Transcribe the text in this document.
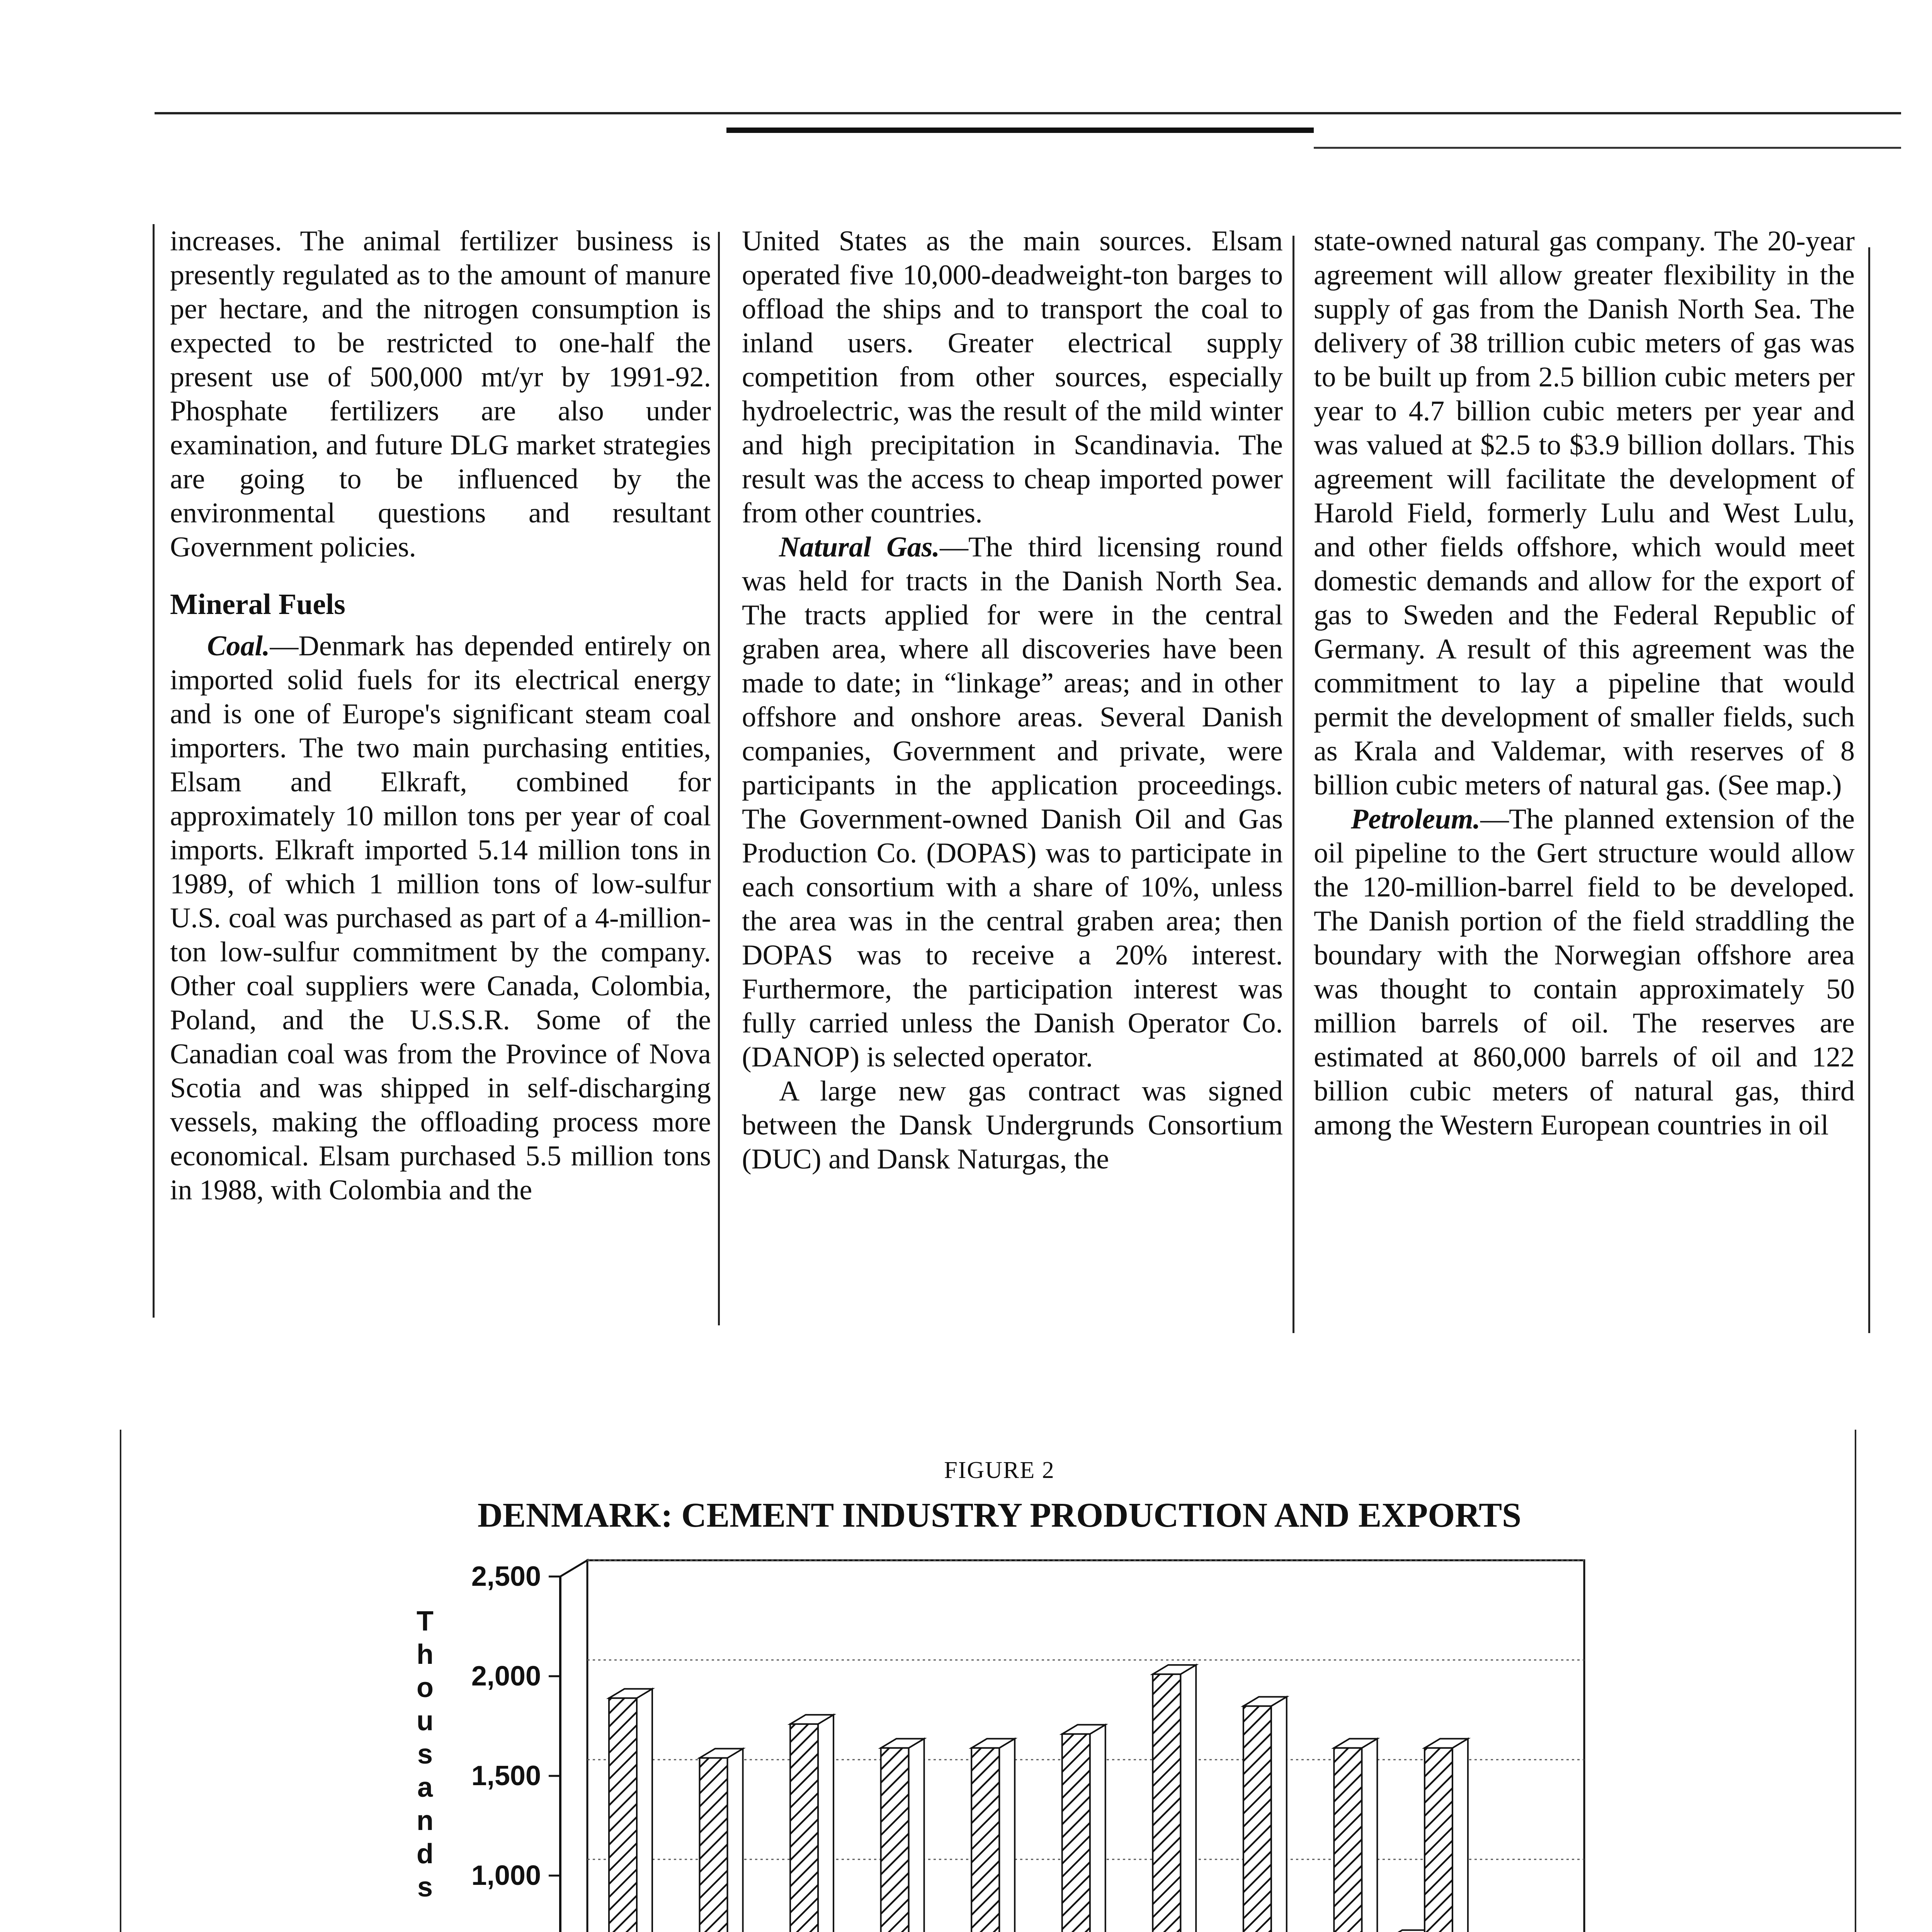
increases. The animal fertilizer business is presently regulated as to the amount of manure per hectare, and the nitrogen consumption is expected to be restricted to one-half the present use of 500,000 mt/yr by 1991-92. Phosphate fertilizers are also under examination, and future DLG market strategies are going to be influenced by the environmental questions and resultant Government policies.

Mineral Fuels

Coal.—Denmark has depended entirely on imported solid fuels for its electrical energy and is one of Europe's significant steam coal importers. The two main purchasing entities, Elsam and Elkraft, combined for approximately 10 millon tons per year of coal imports. Elkraft imported 5.14 million tons in 1989, of which 1 million tons of low-sulfur U.S. coal was purchased as part of a 4-million-ton low-sulfur commitment by the company. Other coal suppliers were Canada, Colombia, Poland, and the U.S.S.R. Some of the Canadian coal was from the Province of Nova Scotia and was shipped in self-discharging vessels, making the offloading process more economical. Elsam purchased 5.5 million tons in 1988, with Colombia and the

United States as the main sources. Elsam operated five 10,000-deadweight-ton barges to offload the ships and to transport the coal to inland users. Greater electrical supply competition from other sources, especially hydroelectric, was the result of the mild winter and high precipitation in Scandinavia. The result was the access to cheap imported power from other countries.

Natural Gas.—The third licensing round was held for tracts in the Danish North Sea. The tracts applied for were in the central graben area, where all discoveries have been made to date; in “linkage” areas; and in other offshore and onshore areas. Several Danish companies, Government and private, were participants in the application proceedings. The Government-owned Danish Oil and Gas Production Co. (DOPAS) was to participate in each consortium with a share of 10%, unless the area was in the central graben area; then DOPAS was to receive a 20% interest. Furthermore, the participation interest was fully carried unless the Danish Operator Co. (DANOP) is selected operator.

A large new gas contract was signed between the Dansk Undergrunds Consortium (DUC) and Dansk Naturgas, the

state-owned natural gas company. The 20-year agreement will allow greater flexibility in the supply of gas from the Danish North Sea. The delivery of 38 trillion cubic meters of gas was to be built up from 2.5 billion cubic meters per year to 4.7 billion cubic meters per year and was valued at $2.5 to $3.9 billion dollars. This agreement will facilitate the development of Harold Field, formerly Lulu and West Lulu, and other fields offshore, which would meet domestic demands and allow for the export of gas to Sweden and the Federal Republic of Germany. A result of this agreement was the commitment to lay a pipeline that would permit the development of smaller fields, such as Krala and Valdemar, with reserves of 8 billion cubic meters of natural gas. (See map.)

Petroleum.—The planned extension of the oil pipeline to the Gert structure would allow the 120-million-barrel field to be developed. The Danish portion of the field straddling the boundary with the Norwegian offshore area was thought to contain approximately 50 million barrels of oil. The reserves are estimated at 860,000 barrels of oil and 122 billion cubic meters of natural gas, third among the Western European countries in oil

FIGURE 2
DENMARK: CEMENT INDUSTRY PRODUCTION AND EXPORTS
1,000
1,500
2,000
2,500
T
h
o
u
s
a
n
d
s
